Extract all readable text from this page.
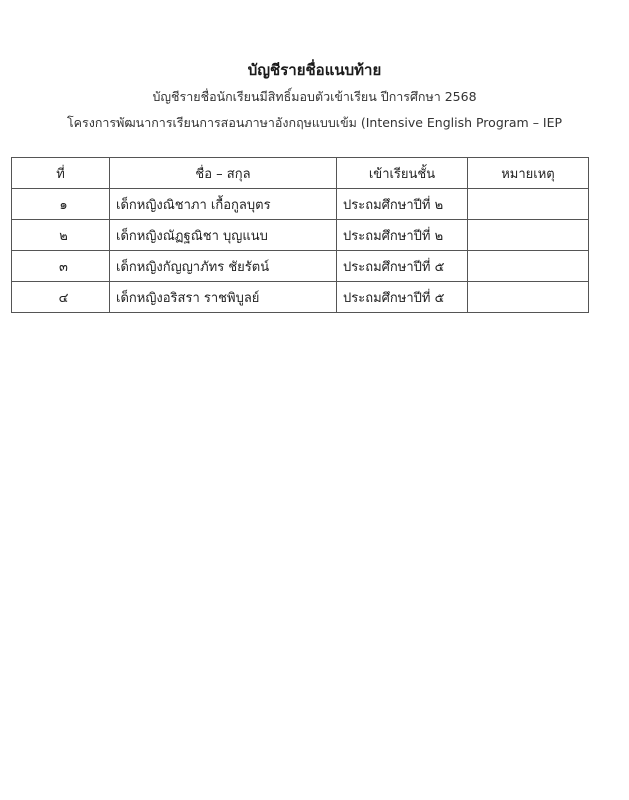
บัญชีรายชื่อแนบท้าย
บัญชีรายชื่อนักเรียนมีสิทธิ์มอบตัวเข้าเรียน ปีการศึกษา 2568
โครงการพัฒนาการเรียนการสอนภาษาอังกฤษแบบเข้ม (Intensive English Program – IEP
ที่	ชื่อ – สกุล	เข้าเรียนชั้น	หมายเหตุ
๑	เด็กหญิงณิชาภา เกื้อกูลบุตร	ประถมศึกษาปีที่ ๒	
๒	เด็กหญิงณัฏฐณิชา บุญแนบ	ประถมศึกษาปีที่ ๒	
๓	เด็กหญิงกัญญาภัทร ชัยรัตน์	ประถมศึกษาปีที่ ๕	
๔	เด็กหญิงอริสรา ราชพิบูลย์	ประถมศึกษาปีที่ ๕	
